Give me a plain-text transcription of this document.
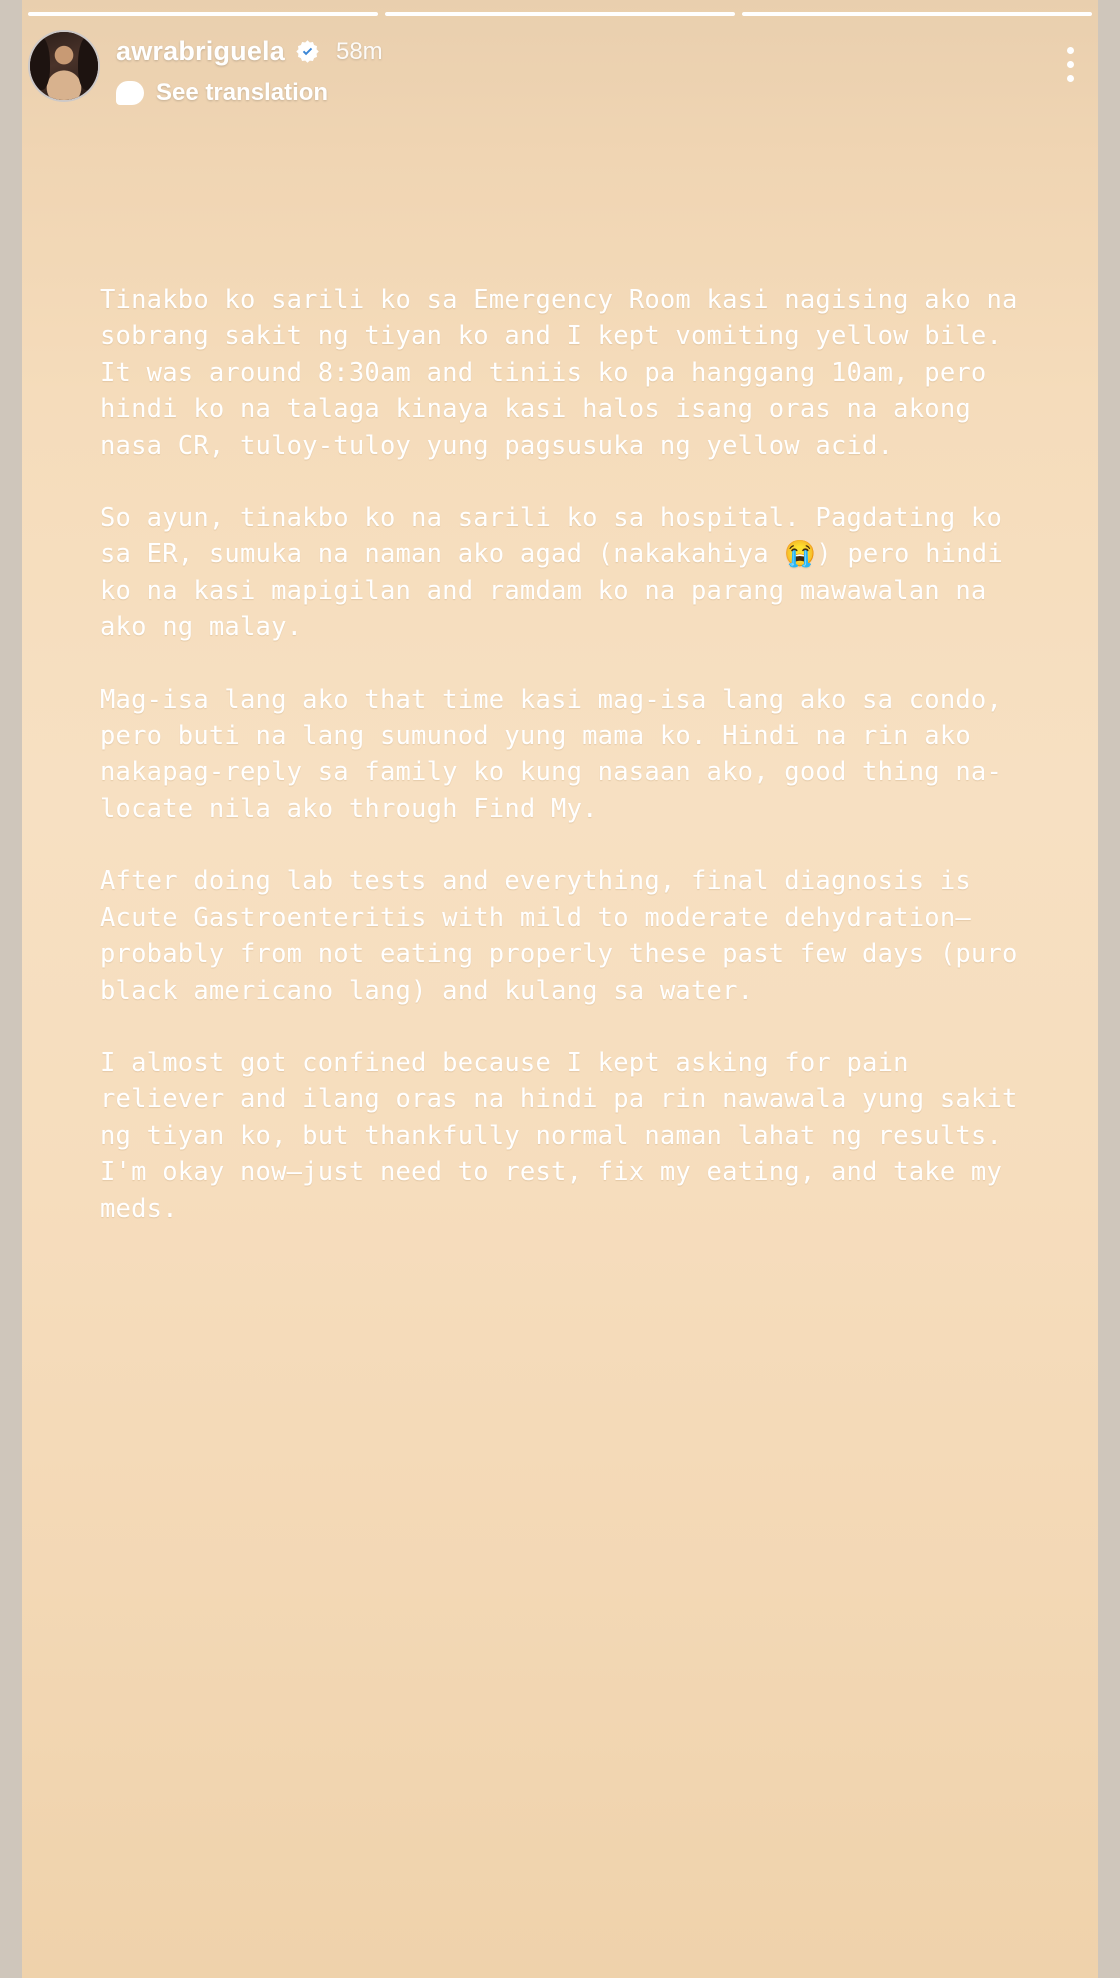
awrabriguela 58m
See translation

Tinakbo ko sarili ko sa Emergency Room kasi nagising ako na sobrang sakit ng tiyan ko and I kept vomiting yellow bile. It was around 8:30am and tiniis ko pa hanggang 10am, pero hindi ko na talaga kinaya kasi halos isang oras na akong nasa CR, tuloy-tuloy yung pagsusuka ng yellow acid.

So ayun, tinakbo ko na sarili ko sa hospital. Pagdating ko sa ER, sumuka na naman ako agad (nakakahiya 😭) pero hindi ko na kasi mapigilan and ramdam ko na parang mawawalan na ako ng malay.

Mag-isa lang ako that time kasi mag-isa lang ako sa condo, pero buti na lang sumunod yung mama ko. Hindi na rin ako nakapag-reply sa family ko kung nasaan ako, good thing na-locate nila ako through Find My.

After doing lab tests and everything, final diagnosis is Acute Gastroenteritis with mild to moderate dehydration—probably from not eating properly these past few days (puro black americano lang) and kulang sa water.

I almost got confined because I kept asking for pain reliever and ilang oras na hindi pa rin nawawala yung sakit ng tiyan ko, but thankfully normal naman lahat ng results. I'm okay now—just need to rest, fix my eating, and take my meds.
